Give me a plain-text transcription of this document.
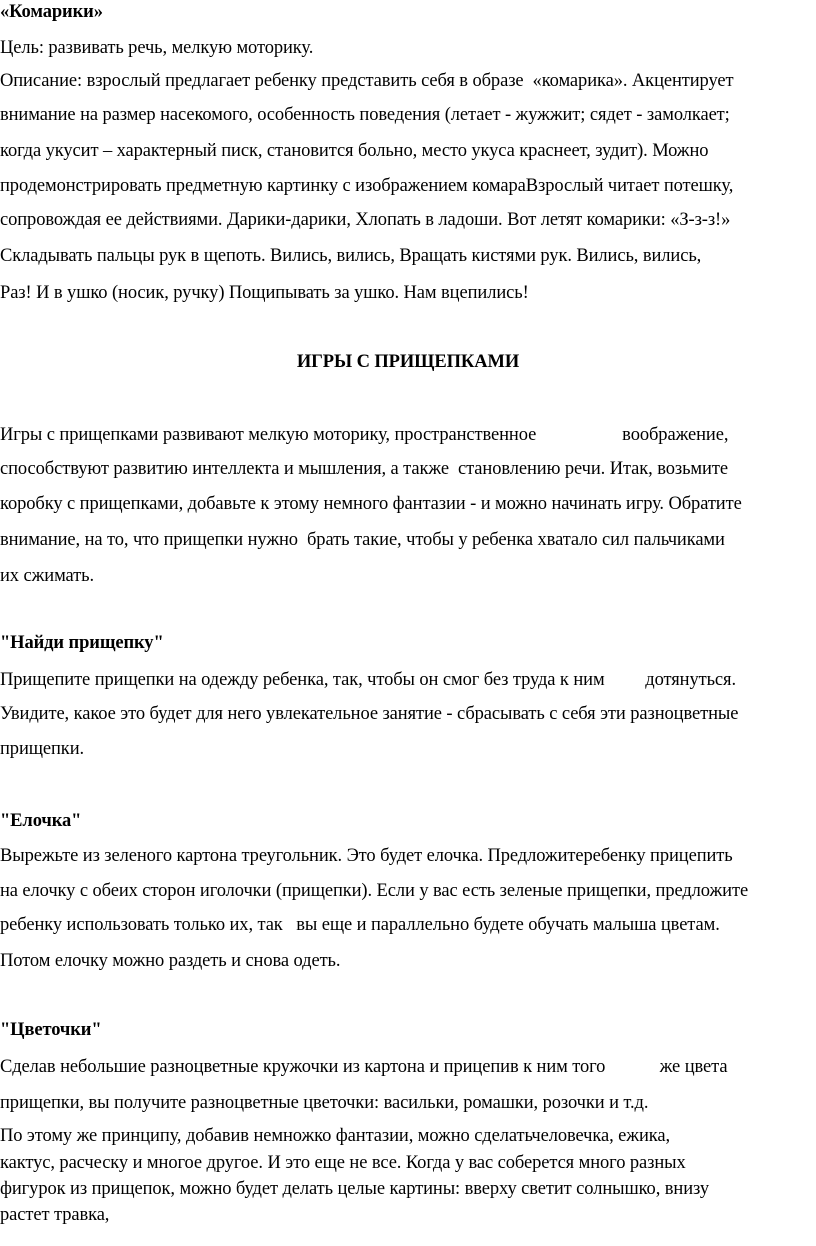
«Комарики»

Цель: развивать речь, мелкую моторику.

Описание: взрослый предлагает ребенку представить себя в образе  «комарика». Акцентирует

внимание на размер насекомого, особенность поведения (летает - жужжит; сядет - замолкает;

когда укусит – характерный писк, становится больно, место укуса краснеет, зудит). Можно

продемонстрировать предметную картинку с изображением комараВзрослый читает потешку,

сопровождая ее действиями. Дарики-дарики, Хлопать в ладоши. Вот летят комарики: «З-з-з!»

Складывать пальцы рук в щепоть. Вились, вились, Вращать кистями рук. Вились, вились,

Раз! И в ушко (носик, ручку) Пощипывать за ушко. Нам вцепились!

ИГРЫ С ПРИЩЕПКАМИ

Игры с прищепками развивают мелкую моторику, пространственное                   воображение,

способствуют развитию интеллекта и мышления, а также  становлению речи. Итак, возьмите

коробку с прищепками, добавьте к этому немного фантазии - и можно начинать игру. Обратите

внимание, на то, что прищепки нужно  брать такие, чтобы у ребенка хватало сил пальчиками

их сжимать.

"Найди прищепку"

Прищепите прищепки на одежду ребенка, так, чтобы он смог без труда к ним         дотянуться.

Увидите, какое это будет для него увлекательное занятие - сбрасывать с себя эти разноцветные

прищепки.

"Елочка"

Вырежьте из зеленого картона треугольник. Это будет елочка. Предложитеребенку прицепить

на елочку с обеих сторон иголочки (прищепки). Если у вас есть зеленые прищепки, предложите

ребенку использовать только их, так   вы еще и параллельно будете обучать малыша цветам.

Потом елочку можно раздеть и снова одеть.

"Цветочки"

Сделав небольшие разноцветные кружочки из картона и прицепив к ним того            же цвета

прищепки, вы получите разноцветные цветочки: васильки, ромашки, розочки и т.д.

По этому же принципу, добавив немножко фантазии, можно сделатьчеловечка, ежика,

кактус, расческу и многое другое. И это еще не все. Когда у вас соберется много разных

фигурок из прищепок, можно будет делать целые картины: вверху светит солнышко, внизу

растет травка,
